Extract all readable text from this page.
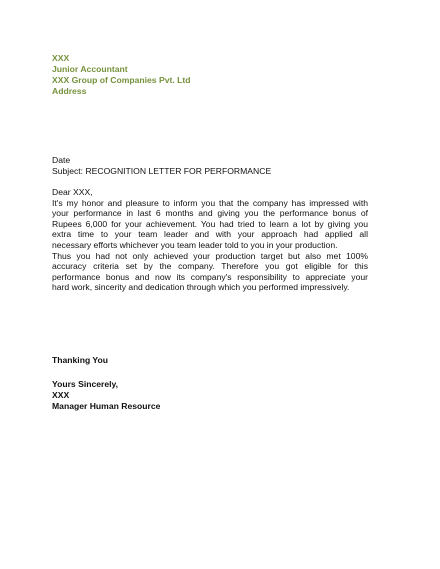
XXX
Junior Accountant
XXX Group of Companies Pvt. Ltd
Address
Date
Subject: RECOGNITION LETTER FOR PERFORMANCE
Dear XXX,
It's my honor and pleasure to inform you that the company has impressed with
your performance in last 6 months and giving you the performance bonus of
Rupees 6,000 for your achievement. You had tried to learn a lot by giving you
extra time to your team leader and with your approach had applied all
necessary efforts whichever you team leader told to you in your production.
Thus you had not only achieved your production target but also met 100%
accuracy criteria set by the company. Therefore you got eligible for this
performance bonus and now its company's responsibility to appreciate your
hard work, sincerity and dedication through which you performed impressively.
Thanking You
Yours Sincerely,
XXX
Manager Human Resource
